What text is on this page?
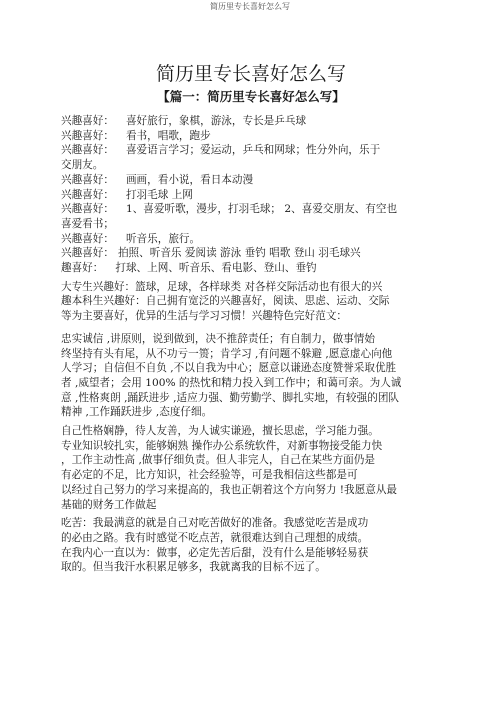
简历里专长喜好怎么写
简历里专长喜好怎么写
【篇一：简历里专长喜好怎么写】
兴趣喜好： 喜好旅行，象棋，游泳，专长是乒乓球
兴趣喜好： 看书，唱歌，跑步
兴趣喜好： 喜爱语言学习；爱运动，乒乓和网球；性分外向，乐于
交朋友。
兴趣喜好： 画画，看小说，看日本动漫
兴趣喜好： 打羽毛球 上网
兴趣喜好： 1、喜爱听歌，漫步，打羽毛球； 2、喜爱交朋友、有空也
喜爱看书；
兴趣喜好： 听音乐，旅行。
兴趣喜好： 拍照、听音乐 爱阅读 游泳 垂钓 唱歌 登山 羽毛球兴
趣喜好： 打球、上网、听音乐、看电影、登山、垂钓
大专生兴趣好：篮球，足球，各样球类 对各样交际活动也有很大的兴
趣本科生兴趣好：自己拥有宽泛的兴趣喜好，阅读、思虑、运动、交际
等为主要喜好，优异的生活与学习习惯！兴趣特色完好范文：
忠实诚信 ,讲原则，说到做到，决不推辞责任；有自制力，做事情始
终坚持有头有尾，从不功亏一篑；肯学习 ,有问题不躲避 ,愿意虚心向他
人学习；自信但不自负 ,不以自我为中心；愿意以谦逊态度赞誉采取优胜
者 ,威望者；会用 100% 的热忱和精力投入到工作中；和蔼可亲。为人诚
意 ,性格爽朗 ,踊跃进步 ,适应力强、勤劳勤学、脚扎实地，有较强的团队
精神 ,工作踊跃进步 ,态度仔细。
自己性格娴静，待人友善，为人诚实谦逊，擅长思虑，学习能力强。
专业知识较扎实，能够娴熟 操作办公系统软件，对新事物接受能力快
，工作主动性高 ,做事仔细负责。但人非完人，自己在某些方面仍是
有必定的不足，比方知识，社会经验等，可是我相信这些都是可
以经过自己努力的学习来提高的，我也正朝着这个方向努力 !我愿意从最
基础的财务工作做起
吃苦：我最满意的就是自己对吃苦做好的准备。我感觉吃苦是成功
的必由之路。我有时感觉不吃点苦，就很难达到自己理想的成绩。
在我内心一直以为：做事，必定先苦后甜，没有什么是能够轻易获
取的。但当我汗水积累足够多，我就离我的目标不远了。
